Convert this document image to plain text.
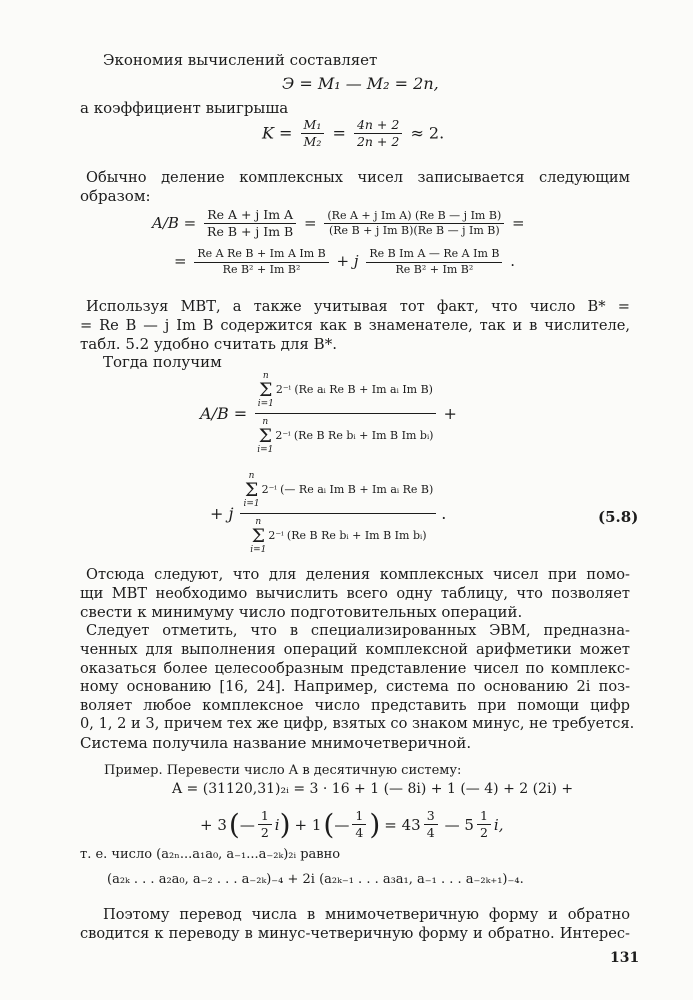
Экономия вычислений составляет
Э = M₁ — M₂ = 2n,
а коэффициент выигрыша
$K = \frac{\text{M₁}}{\text{M₂}} = \frac{4n + 2}{2n + 2} \approx 2$.
Обычно деление комплексных чисел записывается следующим
образом:
$A/B = \frac{\text{Re A + j Im A}}{\text{Re B + j Im B}} = \frac{\text{(Re A + j Im A) (Re B — j Im B)}}{\text{(Re B + j Im B)(Re B — j Im B)}}$ =
= $\frac{\text{Re A Re B + Im A Im B}}{\text{Re B² + Im B²}} + j \frac{\text{Re B Im A — Re A Im B}}{\text{Re B² + Im B²}}$ .
Используя МВТ, а также учитывая тот факт, что число B* =
= Re B — j Im B содержится как в знаменателе, так и в числителе,
табл. 5.2 удобно считать для B*.
Тогда получим
A/B = n
Σ
i=1
2⁻ⁱ (Re aᵢ Re B + Im aᵢ Im B)
n
Σ
i=1
2⁻ⁱ (Re B Re bᵢ + Im B Im bᵢ) +
+ j n
Σ
i=1
2⁻ⁱ (— Re aᵢ Im B + Im aᵢ Re B)
n
Σ
i=1
2⁻ⁱ (Re B Re bᵢ + Im B Im bᵢ) .	(5.8)
Отсюда следуют, что для деления комплексных чисел при помо-
щи МВТ необходимо вычислить всего одну таблицу, что позволяет
свести к минимуму число подготовительных операций.
Следует отметить, что в специализированных ЭВМ, предназна-
ченных для выполнения операций комплексной арифметики может
оказаться более целесообразным представление чисел по комплекс-
ному основанию [16, 24]. Например, система по основанию 2i поз-
воляет любое комплексное число представить при помощи цифр
0, 1, 2 и 3, причем тех же цифр, взятых со знаком минус, не требуется.
Система получила название мнимочетверичной.
Пример. Перевести число A в десятичную систему:
A = (31120,31)₂ᵢ = 3 · 16 + 1 (— 8i) + 1 (— 4) + 2 (2i) +
+ 3 ( — $\frac{1}{2}$ i ) + 1 ( — $\frac{1}{4}$ ) = $43 \frac{3}{4}$ — $5 \frac{1}{2} i$,
т. е. число (a₂ₙ...a₁a₀, a₋₁...a₋₂ₖ)₂ᵢ равно
(a₂ₖ . . . a₂a₀, a₋₂ . . . a₋₂ₖ)₋₄ + 2i (a₂ₖ₋₁ . . . a₃a₁, a₋₁ . . . a₋₂ₖ₊₁)₋₄.
Поэтому перевод числа в мнимочетверичную форму и обратно
сводится к переводу в минус-четверичную форму и обратно. Интерес-
131
